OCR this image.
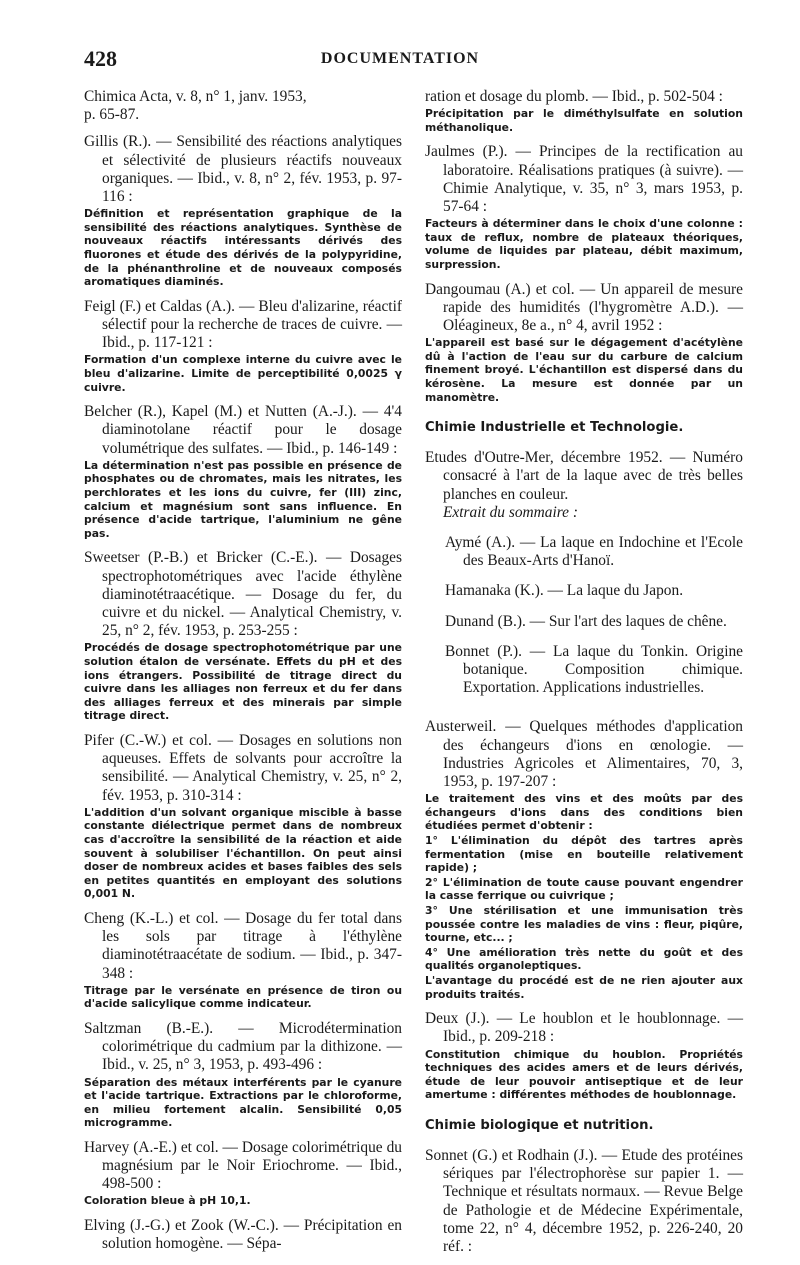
428	DOCUMENTATION

Chimica Acta, v. 8, n° 1, janv. 1953,

p. 65-87.

Gillis (R.). — Sensibilité des réactions analytiques et sélectivité de plusieurs réactifs nouveaux organiques. — Ibid., v. 8, n° 2, fév. 1953, p. 97-116 :

Définition et représentation graphique de la sensibilité des réactions analytiques. Synthèse de nouveaux réactifs intéressants dérivés des fluorones et étude des dérivés de la polypyridine, de la phénanthroline et de nouveaux composés aromatiques diaminés.

Feigl (F.) et Caldas (A.). — Bleu d'alizarine, réactif sélectif pour la recherche de traces de cuivre. — Ibid., p. 117-121 :

Formation d'un complexe interne du cuivre avec le bleu d'alizarine. Limite de perceptibilité 0,0025 γ cuivre.

Belcher (R.), Kapel (M.) et Nutten (A.-J.). — 4'4 diaminotolane réactif pour le dosage volumétrique des sulfates. — Ibid., p. 146-149 :

La détermination n'est pas possible en présence de phosphates ou de chromates, mais les nitrates, les perchlorates et les ions du cuivre, fer (III) zinc, calcium et magnésium sont sans influence. En présence d'acide tartrique, l'aluminium ne gêne pas.

Sweetser (P.-B.) et Bricker (C.-E.). — Dosages spectrophotométriques avec l'acide éthylène diaminotétraacétique. — Dosage du fer, du cuivre et du nickel. — Analytical Chemistry, v. 25, n° 2, fév. 1953, p. 253-255 :

Procédés de dosage spectrophotométrique par une solution étalon de versénate. Effets du pH et des ions étrangers. Possibilité de titrage direct du cuivre dans les alliages non ferreux et du fer dans des alliages ferreux et des minerais par simple titrage direct.

Pifer (C.-W.) et col. — Dosages en solutions non aqueuses. Effets de solvants pour accroître la sensibilité. — Analytical Chemistry, v. 25, n° 2, fév. 1953, p. 310-314 :

L'addition d'un solvant organique miscible à basse constante diélectrique permet dans de nombreux cas d'accroître la sensibilité de la réaction et aide souvent à solubiliser l'échantillon. On peut ainsi doser de nombreux acides et bases faibles des sels en petites quantités en employant des solutions 0,001 N.

Cheng (K.-L.) et col. — Dosage du fer total dans les sols par titrage à l'éthylène diaminotétraacétate de sodium. — Ibid., p. 347-348 :

Titrage par le versénate en présence de tiron ou d'acide salicylique comme indicateur.

Saltzman (B.-E.). — Microdétermination colorimétrique du cadmium par la dithizone. — Ibid., v. 25, n° 3, 1953, p. 493-496 :

Séparation des métaux interférents par le cyanure et l'acide tartrique. Extractions par le chloroforme, en milieu fortement alcalin. Sensibilité 0,05 microgramme.

Harvey (A.-E.) et col. — Dosage colorimétrique du magnésium par le Noir Eriochrome. — Ibid., 498-500 :

Coloration bleue à pH 10,1.

Elving (J.-G.) et Zook (W.-C.). — Précipitation en solution homogène. — Sépa-

ration et dosage du plomb. — Ibid., p. 502-504 :

Précipitation par le diméthylsulfate en solution méthanolique.

Jaulmes (P.). — Principes de la rectification au laboratoire. Réalisations pratiques (à suivre). — Chimie Analytique, v. 35, n° 3, mars 1953, p. 57-64 :

Facteurs à déterminer dans le choix d'une colonne : taux de reflux, nombre de plateaux théoriques, volume de liquides par plateau, débit maximum, surpression.

Dangoumau (A.) et col. — Un appareil de mesure rapide des humidités (l'hygromètre A.D.). — Oléagineux, 8e a., n° 4, avril 1952 :

L'appareil est basé sur le dégagement d'acétylène dû à l'action de l'eau sur du carbure de calcium finement broyé. L'échantillon est dispersé dans du kérosène. La mesure est donnée par un manomètre.

Chimie Industrielle et Technologie.

Etudes d'Outre-Mer, décembre 1952. — Numéro consacré à l'art de la laque avec de très belles planches en couleur.

Extrait du sommaire :

Aymé (A.). — La laque en Indochine et l'Ecole des Beaux-Arts d'Hanoï.

Hamanaka (K.). — La laque du Japon.

Dunand (B.). — Sur l'art des laques de chêne.

Bonnet (P.). — La laque du Tonkin. Origine botanique. Composition chimique. Exportation. Applications industrielles.

Austerweil. — Quelques méthodes d'application des échangeurs d'ions en œnologie. — Industries Agricoles et Alimentaires, 70, 3, 1953, p. 197-207 :

Le traitement des vins et des moûts par des échangeurs d'ions dans des conditions bien étudiées permet d'obtenir :

1° L'élimination du dépôt des tartres après fermentation (mise en bouteille relativement rapide) ;

2° L'élimination de toute cause pouvant engendrer la casse ferrique ou cuivrique ;

3° Une stérilisation et une immunisation très poussée contre les maladies de vins : fleur, piqûre, tourne, etc... ;

4° Une amélioration très nette du goût et des qualités organoleptiques.

L'avantage du procédé est de ne rien ajouter aux produits traités.

Deux (J.). — Le houblon et le houblonnage. — Ibid., p. 209-218 :

Constitution chimique du houblon. Propriétés techniques des acides amers et de leurs dérivés, étude de leur pouvoir antiseptique et de leur amertume : différentes méthodes de houblonnage.

Chimie biologique et nutrition.

Sonnet (G.) et Rodhain (J.). — Etude des protéines sériques par l'électrophorèse sur papier 1. — Technique et résultats normaux. — Revue Belge de Pathologie et de Médecine Expérimentale, tome 22, n° 4, décembre 1952, p. 226-240, 20 réf. :
